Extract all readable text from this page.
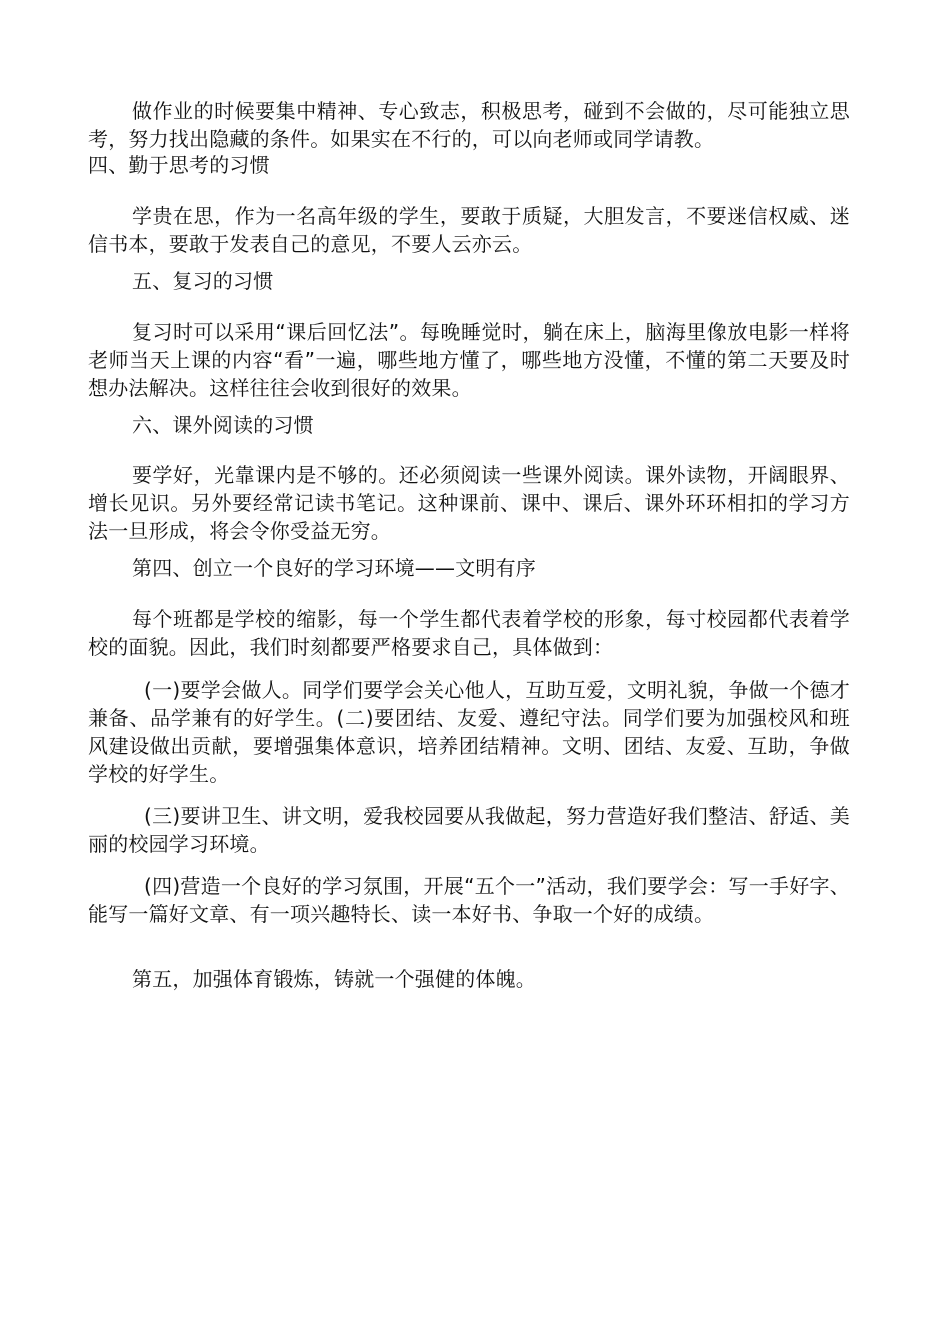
做作业的时候要集中精神、专心致志，积极思考，碰到不会做的，尽可能独立思考，努力找出隐藏的条件。如果实在不行的，可以向老师或同学请教。

四、勤于思考的习惯

学贵在思，作为一名高年级的学生，要敢于质疑，大胆发言，不要迷信权威、迷信书本，要敢于发表自己的意见，不要人云亦云。

五、复习的习惯

复习时可以采用“课后回忆法”。每晚睡觉时，躺在床上，脑海里像放电影一样将老师当天上课的内容“看”一遍，哪些地方懂了，哪些地方没懂，不懂的第二天要及时想办法解决。这样往往会收到很好的效果。

六、课外阅读的习惯

要学好，光靠课内是不够的。还必须阅读一些课外阅读。课外读物，开阔眼界、增长见识。另外要经常记读书笔记。这种课前、课中、课后、课外环环相扣的学习方法一旦形成，将会令你受益无穷。

第四、创立一个良好的学习环境——文明有序

每个班都是学校的缩影，每一个学生都代表着学校的形象，每寸校园都代表着学校的面貌。因此，我们时刻都要严格要求自己，具体做到：

(一)要学会做人。同学们要学会关心他人，互助互爱，文明礼貌，争做一个德才兼备、品学兼有的好学生。(二)要团结、友爱、遵纪守法。同学们要为加强校风和班风建设做出贡献，要增强集体意识，培养团结精神。文明、团结、友爱、互助，争做学校的好学生。

(三)要讲卫生、讲文明，爱我校园要从我做起，努力营造好我们整洁、舒适、美丽的校园学习环境。

(四)营造一个良好的学习氛围，开展“五个一”活动，我们要学会：写一手好字、能写一篇好文章、有一项兴趣特长、读一本好书、争取一个好的成绩。

第五，加强体育锻炼，铸就一个强健的体魄。
